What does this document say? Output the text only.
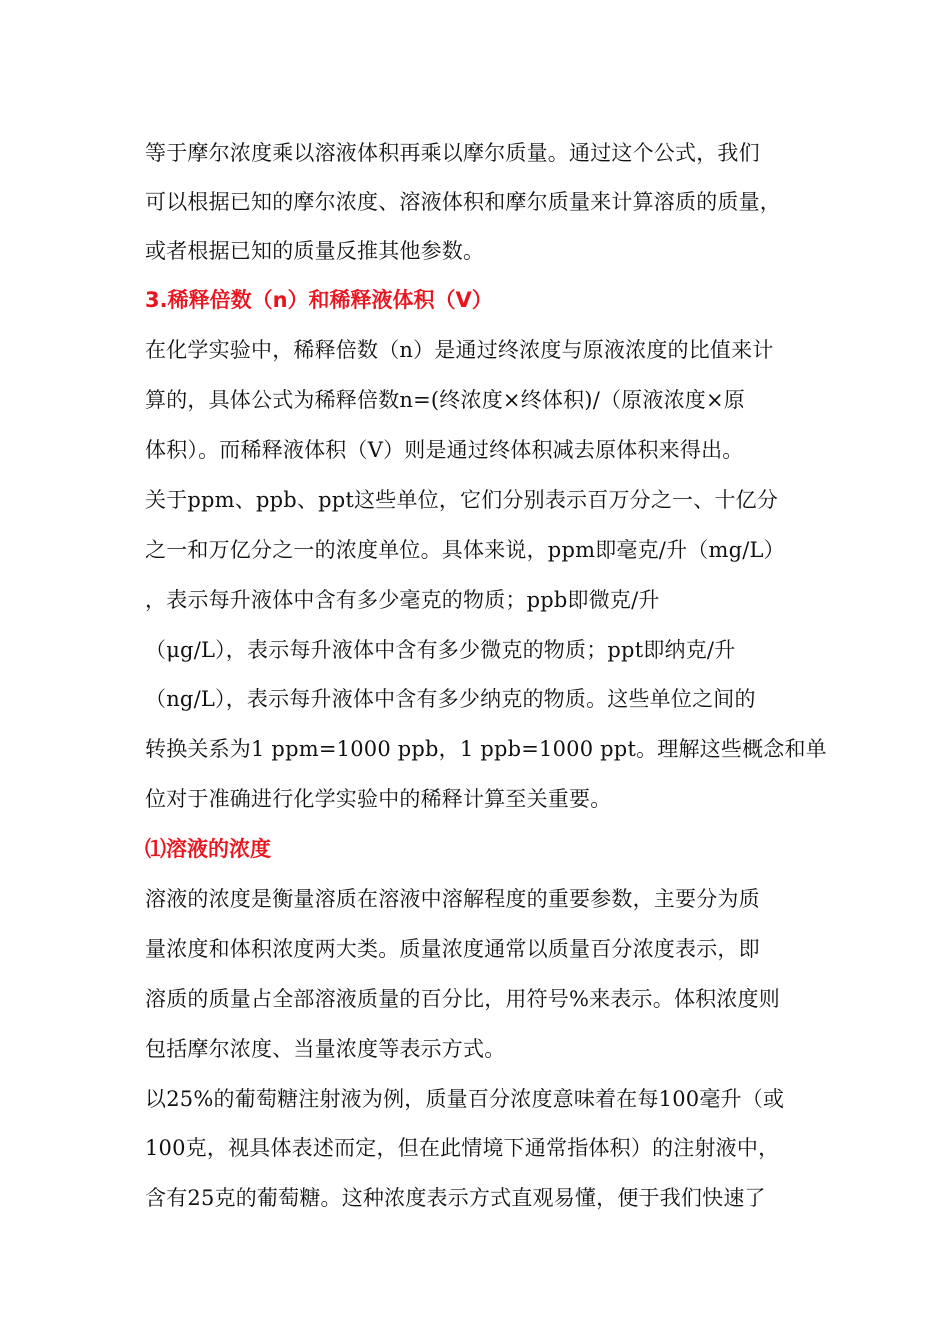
等于摩尔浓度乘以溶液体积再乘以摩尔质量。通过这个公式，我们
可以根据已知的摩尔浓度、溶液体积和摩尔质量来计算溶质的质量，
或者根据已知的质量反推其他参数。
3.稀释倍数（n）和稀释液体积（V）
在化学实验中，稀释倍数（n）是通过终浓度与原液浓度的比值来计
算的，具体公式为稀释倍数n=(终浓度×终体积)/（原液浓度×原
体积）。而稀释液体积（V）则是通过终体积减去原体积来得出。
关于ppm、ppb、ppt这些单位，它们分别表示百万分之一、十亿分
之一和万亿分之一的浓度单位。具体来说，ppm即毫克/升（mg/L）
，表示每升液体中含有多少毫克的物质；ppb即微克/升
（μg/L），表示每升液体中含有多少微克的物质；ppt即纳克/升
（ng/L），表示每升液体中含有多少纳克的物质。这些单位之间的
转换关系为1 ppm=1000 ppb，1 ppb=1000 ppt。理解这些概念和单
位对于准确进行化学实验中的稀释计算至关重要。
⑴溶液的浓度
溶液的浓度是衡量溶质在溶液中溶解程度的重要参数，主要分为质
量浓度和体积浓度两大类。质量浓度通常以质量百分浓度表示，即
溶质的质量占全部溶液质量的百分比，用符号%来表示。体积浓度则
包括摩尔浓度、当量浓度等表示方式。
以25%的葡萄糖注射液为例，质量百分浓度意味着在每100毫升（或
100克，视具体表述而定，但在此情境下通常指体积）的注射液中，
含有25克的葡萄糖。这种浓度表示方式直观易懂，便于我们快速了
